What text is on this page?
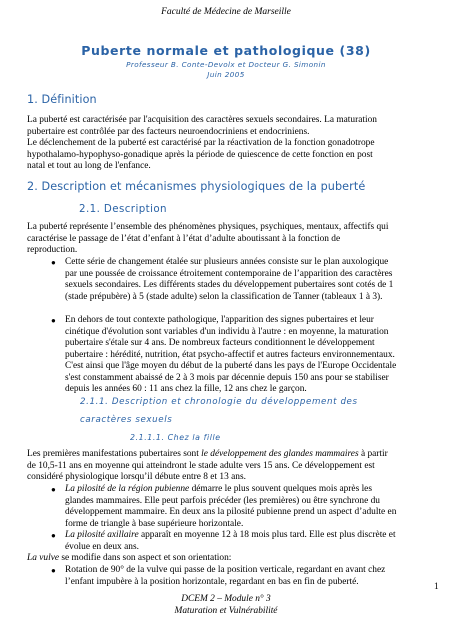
Faculté de Médecine de Marseille
Puberte normale et pathologique (38)
Professeur B. Conte-Devolx et Docteur G. Simonin
Juin 2005
1. Définition
La puberté est caractérisée par l'acquisition des caractères sexuels secondaires. La maturation
pubertaire est contrôlée par des facteurs neuroendocriniens et endocriniens.
Le déclenchement de la puberté est caractérisé par la réactivation de la fonction gonadotrope
hypothalamo-hypophyso-gonadique après la période de quiescence de cette fonction en post
natal et tout au long de l'enfance.
2. Description et mécanismes physiologiques de la puberté
2.1. Description
La puberté représente l’ensemble des phénomènes physiques, psychiques, mentaux, affectifs qui
caractérise le passage de l’état d’enfant à l’état d’adulte aboutissant à la fonction de
reproduction.
● Cette série de changement étalée sur plusieurs années consiste sur le plan auxologique
par une poussée de croissance étroitement contemporaine de l’apparition des caractères
sexuels secondaires. Les différents stades du développement pubertaires sont cotés de 1
(stade prépubère) à 5 (stade adulte) selon la classification de Tanner (tableaux 1 à 3).
● En dehors de tout contexte pathologique, l'apparition des signes pubertaires et leur
cinétique d'évolution sont variables d'un individu à l'autre : en moyenne, la maturation
pubertaire s'étale sur 4 ans. De nombreux facteurs conditionnent le développement
pubertaire : hérédité, nutrition, état psycho-affectif et autres facteurs environnementaux.
C'est ainsi que l'âge moyen du début de la puberté dans les pays de l'Europe Occidentale
s'est constamment abaissé de 2 à 3 mois par décennie depuis 150 ans pour se stabiliser
depuis les années 60 : 11 ans chez la fille, 12 ans chez le garçon.
2.1.1. Description et chronologie du développement des
caractères sexuels
2.1.1.1. Chez la fille
Les premières manifestations pubertaires sont le développement des glandes mammaires à partir
de 10,5-11 ans en moyenne qui atteindront le stade adulte vers 15 ans. Ce développement est
considéré physiologique lorsqu’il débute entre 8 et 13 ans.
● La pilosité de la région pubienne démarre le plus souvent quelques mois après les
glandes mammaires. Elle peut parfois précéder (les premières) ou être synchrone du
développement mammaire. En deux ans la pilosité pubienne prend un aspect d’adulte en
forme de triangle à base supérieure horizontale.
● La pilosité axillaire apparaît en moyenne 12 à 18 mois plus tard. Elle est plus discrète et
évolue en deux ans.
La vulve se modifie dans son aspect et son orientation:
● Rotation de 90° de la vulve qui passe de la position verticale, regardant en avant chez
l’enfant impubère à la position horizontale, regardant en bas en fin de puberté.
1
DCEM 2 – Module n° 3
Maturation et Vulnérabilité
